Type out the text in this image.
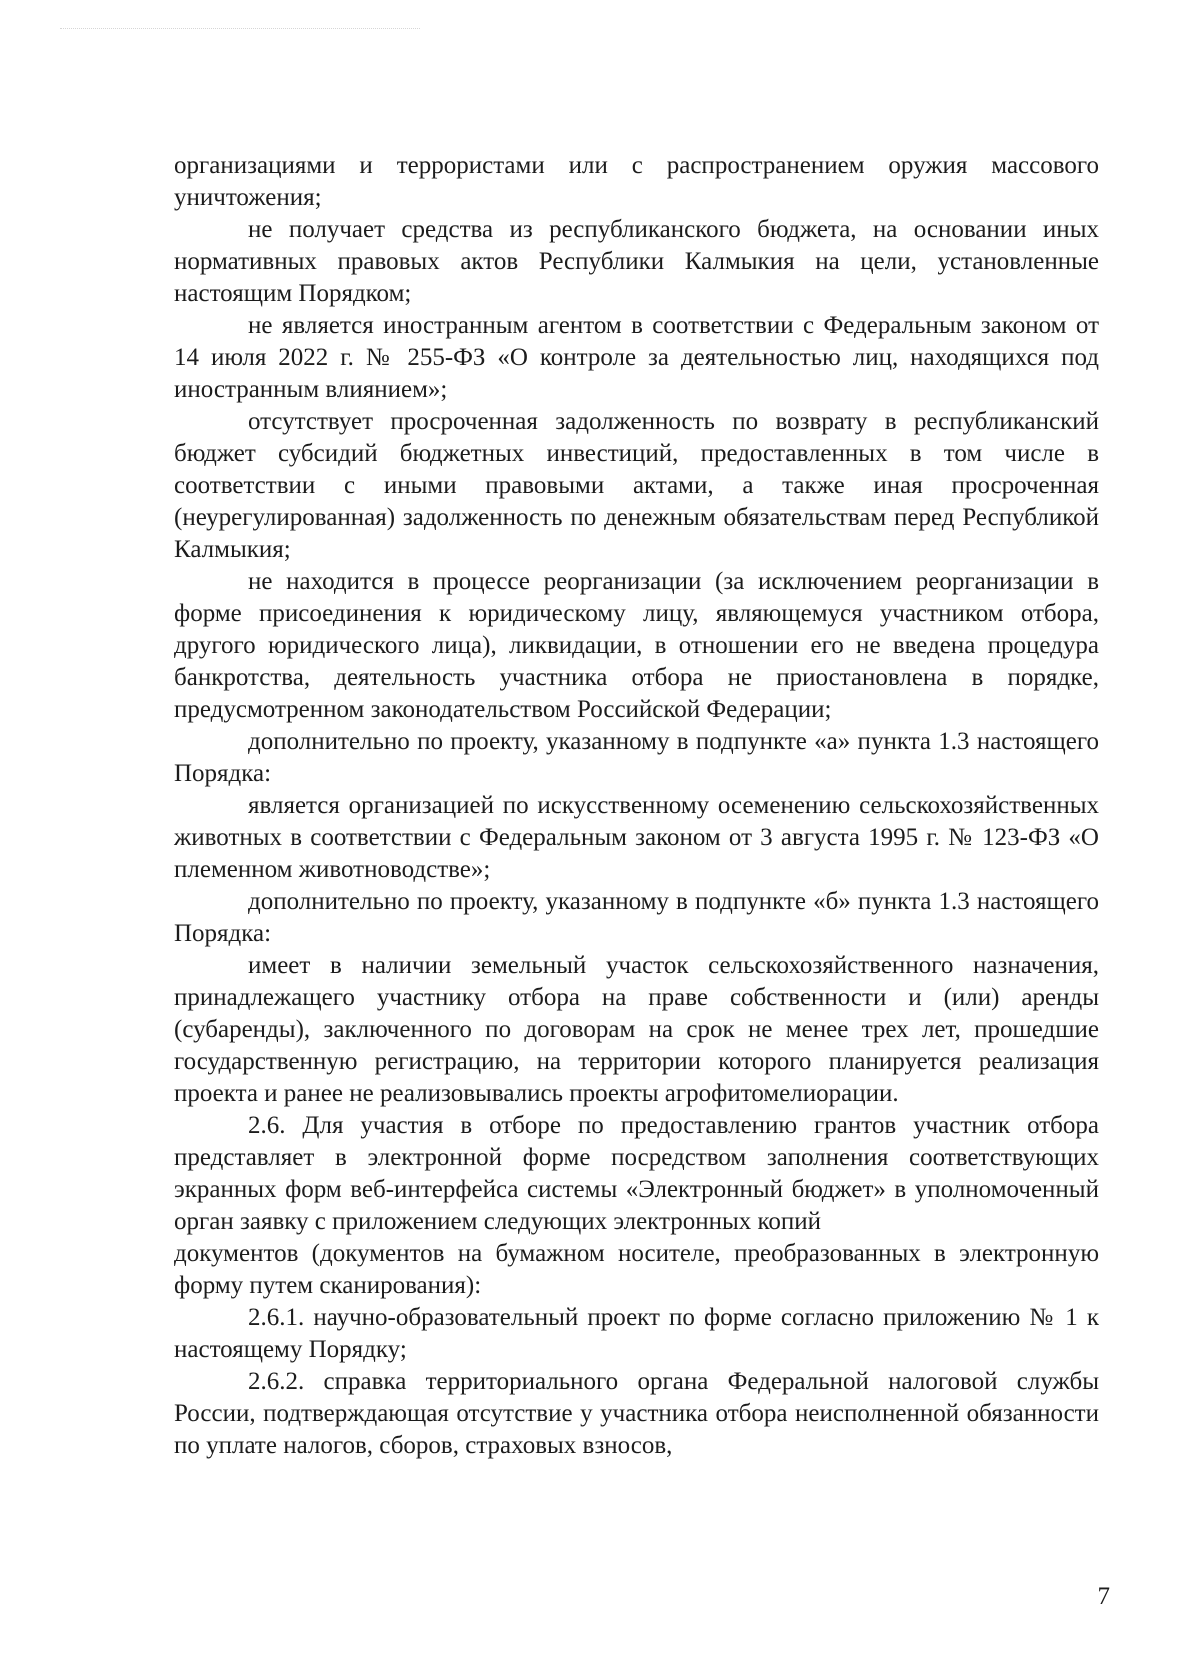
организациями и террористами или с распространением оружия массового уничтожения;

не получает средства из республиканского бюджета, на основании иных нормативных правовых актов Республики Калмыкия на цели, установленные настоящим Порядком;

не является иностранным агентом в соответствии с Федеральным законом от 14 июля 2022 г. № 255-ФЗ «О контроле за деятельностью лиц, находящихся под иностранным влиянием»;

отсутствует просроченная задолженность по возврату в республиканский бюджет субсидий бюджетных инвестиций, предоставленных в том числе в соответствии с иными правовыми актами, а также иная просроченная (неурегулированная) задолженность по денежным обязательствам перед Республикой Калмыкия;

не находится в процессе реорганизации (за исключением реорганизации в форме присоединения к юридическому лицу, являющемуся участником отбора, другого юридического лица), ликвидации, в отношении его не введена процедура банкротства, деятельность участника отбора не приостановлена в порядке, предусмотренном законодательством Российской Федерации;

дополнительно по проекту, указанному в подпункте «а» пункта 1.3 настоящего Порядка:

является организацией по искусственному осеменению сельскохозяйственных животных в соответствии с Федеральным законом от 3 августа 1995 г. № 123-ФЗ «О племенном животноводстве»;

дополнительно по проекту, указанному в подпункте «б» пункта 1.3 настоящего Порядка:

имеет в наличии земельный участок сельскохозяйственного назначения, принадлежащего участнику отбора на праве собственности и (или) аренды (субаренды), заключенного по договорам на срок не менее трех лет, прошедшие государственную регистрацию, на территории которого планируется реализация проекта и ранее не реализовывались проекты агрофитомелиорации.

2.6. Для участия в отборе по предоставлению грантов участник отбора представляет в электронной форме посредством заполнения соответствующих экранных форм веб-интерфейса системы «Электронный бюджет» в уполномоченный орган заявку с приложением следующих электронных копий

документов (документов на бумажном носителе, преобразованных в электронную форму путем сканирования):

2.6.1. научно-образовательный проект по форме согласно приложению № 1 к настоящему Порядку;

2.6.2. справка территориального органа Федеральной налоговой службы России, подтверждающая отсутствие у участника отбора неисполненной обязанности по уплате налогов, сборов, страховых взносов,

7
